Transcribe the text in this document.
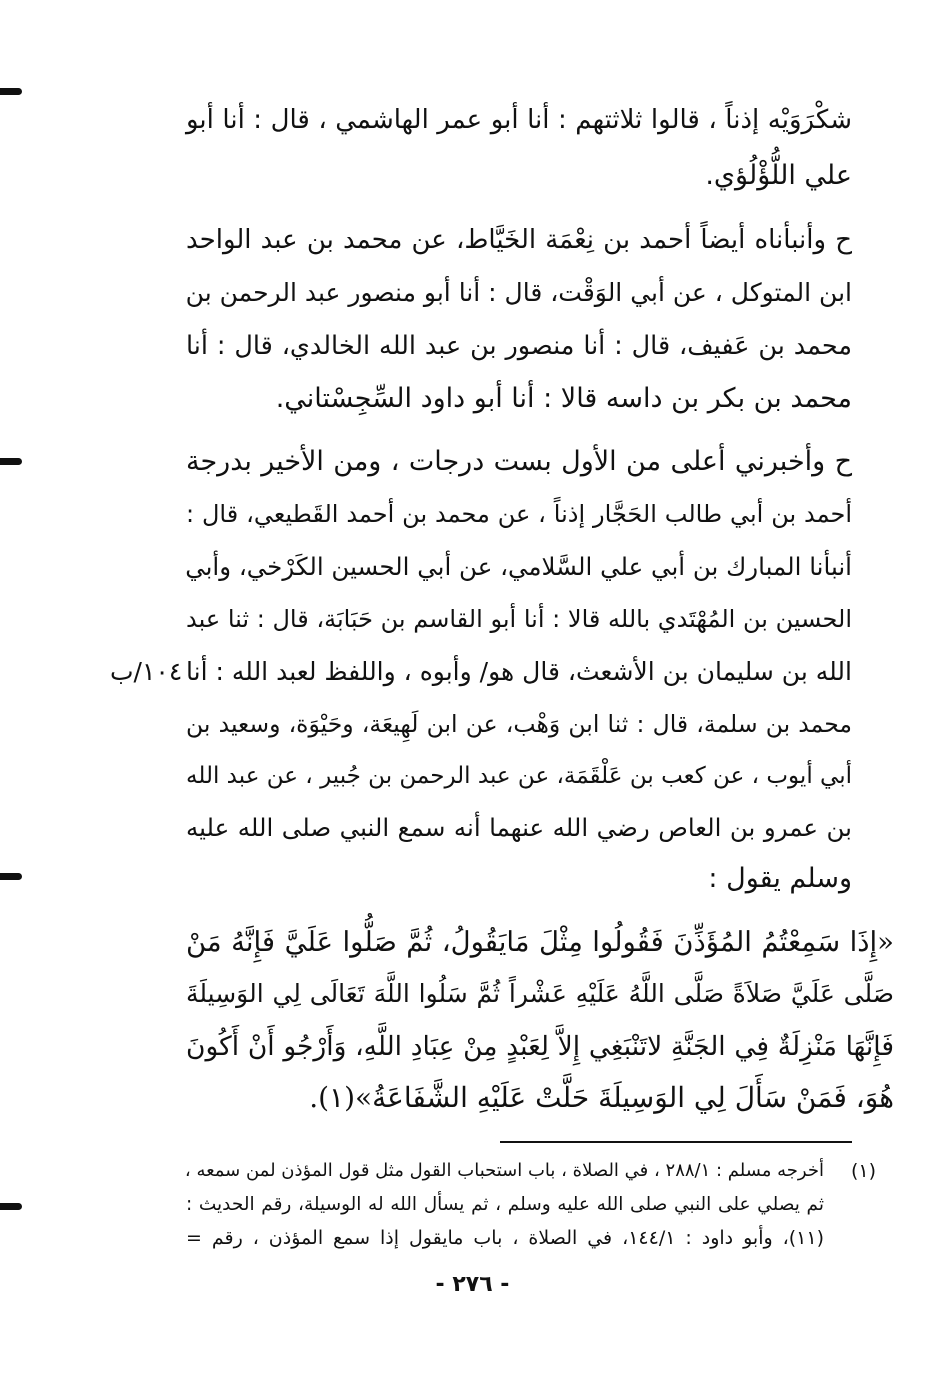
شكْرَوَيْه إذناً ، قالوا ثلاثتهم : أنا أبو عمر الهاشمي ، قال : أنا أبو
علي اللُّؤْلُؤي.
ح وأنبأناه أيضاً أحمد بن نِعْمَة الخَيَّاط، عن محمد بن عبد الواحد
ابن المتوكل ، عن أبي الوَقْت، قال : أنا أبو منصور عبد الرحمن بن
محمد بن عَفيف، قال : أنا منصور بن عبد الله الخالدي، قال : أنا
محمد بن بكر بن داسه قالا : أنا أبو داود السِّجِسْتاني.
ح وأخبرني أعلى من الأول بست درجات ، ومن الأخير بدرجة
أحمد بن أبي طالب الحَجَّار إذناً ، عن محمد بن أحمد القَطيعي، قال :
أنبأنا المبارك بن أبي علي السَّلامي، عن أبي الحسين الكَرْخي، وأبي
الحسين بن المُهْتَدي بالله قالا : أنا أبو القاسم بن حَبَابَة، قال : ثنا عبد
الله بن سليمان بن الأشعث، قال هو/ وأبوه ، واللفظ لعبد الله : أنا
١٠٤/ب
محمد بن سلمة، قال : ثنا ابن وَهْب، عن ابن لَهِيعَة، وحَيْوَة، وسعيد بن
أبي أيوب ، عن كعب بن عَلْقَمَة، عن عبد الرحمن بن جُبير ، عن عبد الله
بن عمرو بن العاص رضي الله عنهما أنه سمع النبي صلى الله عليه
وسلم يقول :
«إِذَا سَمِعْتُمُ المُؤَذِّنَ فَقُولُوا مِثْلَ مَايَقُولُ، ثُمَّ صَلُّوا عَلَيَّ فَإِنَّهُ مَنْ
صَلَّى عَلَيَّ صَلاَةً صَلَّى اللَّهُ عَلَيْهِ عَشْراً ثُمَّ سَلُوا اللَّهَ تَعَالَى لِي الوَسِيلَةَ
فَإِنَّهَا مَنْزِلَةٌ فِي الجَنَّةِ لاتَنْبَغِي إِلاَّ لِعَبْدٍ مِنْ عِبَادِ اللَّهِ، وَأَرْجُو أَنْ أَكُونَ
هُوَ، فَمَنْ سَأَلَ لِي الوَسِيلَةَ حَلَّتْ عَلَيْهِ الشَّفَاعَةُ»(١).
(١)
أخرجه مسلم : ٢٨٨/١ ، في الصلاة ، باب استحباب القول مثل قول المؤذن لمن سمعه ،
ثم يصلي على النبي صلى الله عليه وسلم ، ثم يسأل الله له الوسيلة، رقم الحديث :
(١١)، وأبو داود : ١٤٤/١، في الصلاة ، باب مايقول إذا سمع المؤذن ، رقم =
- ٢٧٦ -
